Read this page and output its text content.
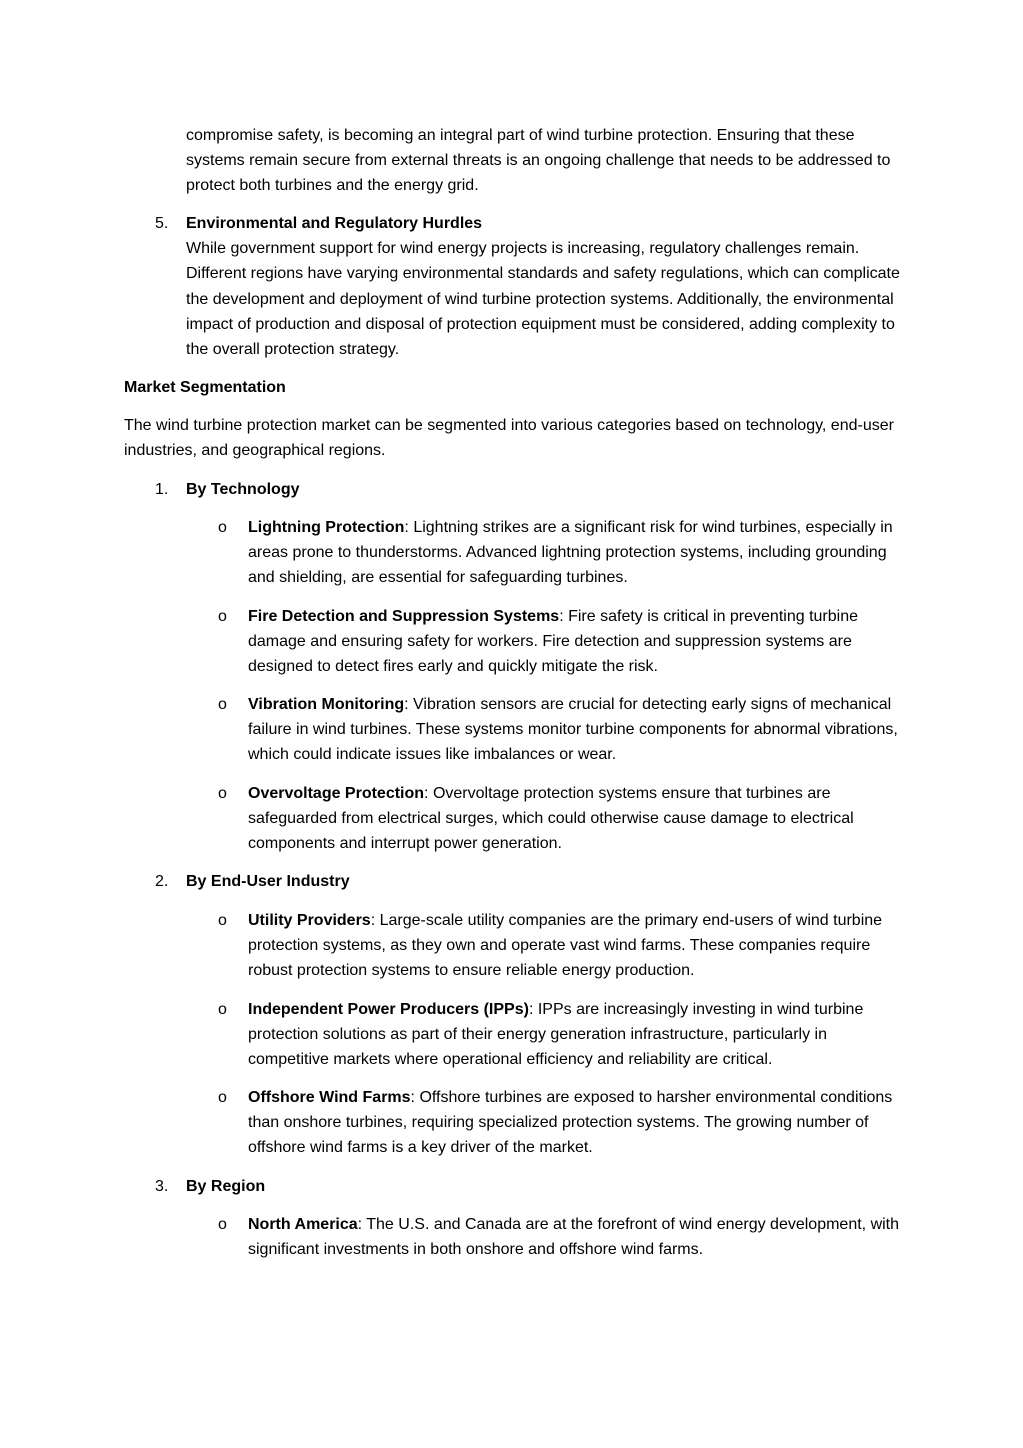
compromise safety, is becoming an integral part of wind turbine protection. Ensuring that these systems remain secure from external threats is an ongoing challenge that needs to be addressed to protect both turbines and the energy grid.

5. Environmental and Regulatory Hurdles

While government support for wind energy projects is increasing, regulatory challenges remain. Different regions have varying environmental standards and safety regulations, which can complicate the development and deployment of wind turbine protection systems. Additionally, the environmental impact of production and disposal of protection equipment must be considered, adding complexity to the overall protection strategy.

Market Segmentation

The wind turbine protection market can be segmented into various categories based on technology, end-user industries, and geographical regions.

1. By Technology

o Lightning Protection: Lightning strikes are a significant risk for wind turbines, especially in areas prone to thunderstorms. Advanced lightning protection systems, including grounding and shielding, are essential for safeguarding turbines.

o Fire Detection and Suppression Systems: Fire safety is critical in preventing turbine damage and ensuring safety for workers. Fire detection and suppression systems are designed to detect fires early and quickly mitigate the risk.

o Vibration Monitoring: Vibration sensors are crucial for detecting early signs of mechanical failure in wind turbines. These systems monitor turbine components for abnormal vibrations, which could indicate issues like imbalances or wear.

o Overvoltage Protection: Overvoltage protection systems ensure that turbines are safeguarded from electrical surges, which could otherwise cause damage to electrical components and interrupt power generation.

2. By End-User Industry

o Utility Providers: Large-scale utility companies are the primary end-users of wind turbine protection systems, as they own and operate vast wind farms. These companies require robust protection systems to ensure reliable energy production.

o Independent Power Producers (IPPs): IPPs are increasingly investing in wind turbine protection solutions as part of their energy generation infrastructure, particularly in competitive markets where operational efficiency and reliability are critical.

o Offshore Wind Farms: Offshore turbines are exposed to harsher environmental conditions than onshore turbines, requiring specialized protection systems. The growing number of offshore wind farms is a key driver of the market.

3. By Region

o North America: The U.S. and Canada are at the forefront of wind energy development, with significant investments in both onshore and offshore wind farms.
